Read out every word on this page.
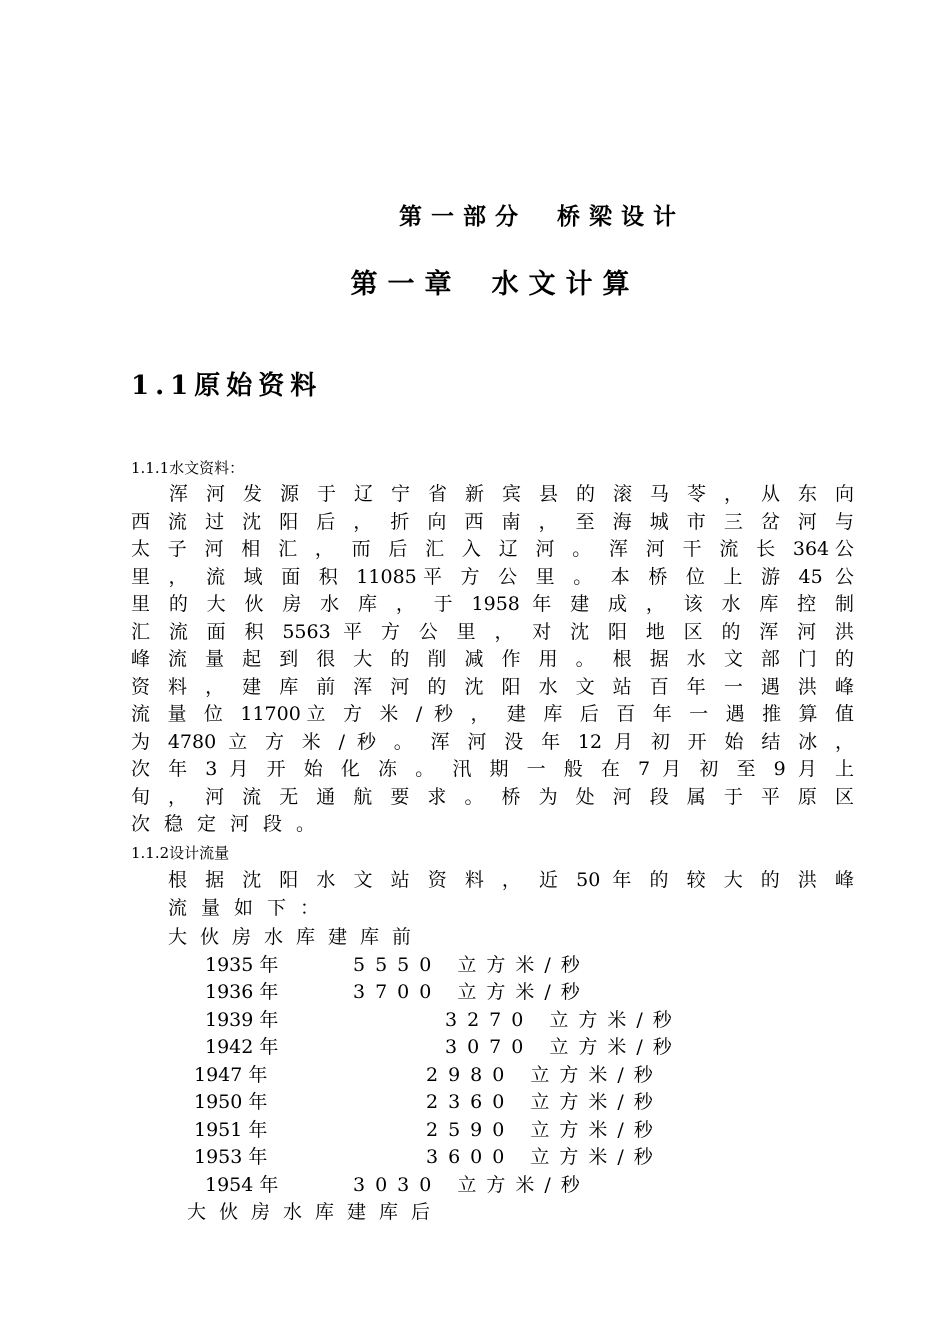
第一部分 桥梁设计
第一章 水文计算
1.1原始资料
1.1.1水文资料：
浑 河 发 源 于 辽 宁 省 新 宾 县 的 滚 马 苓 ， 从 东 向
西 流 过 沈 阳 后 ， 折 向 西 南 ， 至 海 城 市 三 岔 河 与
太 子 河 相 汇 ， 而 后 汇 入 辽 河 。 浑 河 干 流 长 364公
里 ， 流 域 面 积 11085平 方 公 里 。 本 桥 位 上 游 45 公
里 的 大 伙 房 水 库 ， 于 1958 年 建 成 ， 该 水 库 控 制
汇 流 面 积 5563 平 方 公 里 ， 对 沈 阳 地 区 的 浑 河 洪
峰 流 量 起 到 很 大 的 削 减 作 用 。 根 据 水 文 部 门 的
资 料 ， 建 库 前 浑 河 的 沈 阳 水 文 站 百 年 一 遇 洪 峰
流 量 位 11700立 方 米 / 秒 ， 建 库 后 百 年 一 遇 推 算 值
为 4780 立 方 米 / 秒 。 浑 河 没 年 12 月 初 开 始 结 冰 ，
次 年 3 月 开 始 化 冻 。 汛 期 一 般 在 7 月 初 至 9 月 上
旬 ， 河 流 无 通 航 要 求 。 桥 为 处 河 段 属 于 平 原 区
次稳定河段。
1.1.2设计流量
根 据 沈 阳 水 文 站 资 料 ， 近 50 年 的 较 大 的 洪 峰
流量如下：
大伙房水库建库前
1935 年	5550 立方米/秒
1936 年	3700 立方米/秒
1939 年	3270 立方米/秒
1942 年	3070 立方米/秒
1947 年	2980 立方米/秒
1950 年	2360 立方米/秒
1951 年	2590 立方米/秒
1953 年	3600 立方米/秒
1954 年	3030 立方米/秒
大伙房水库建库后
